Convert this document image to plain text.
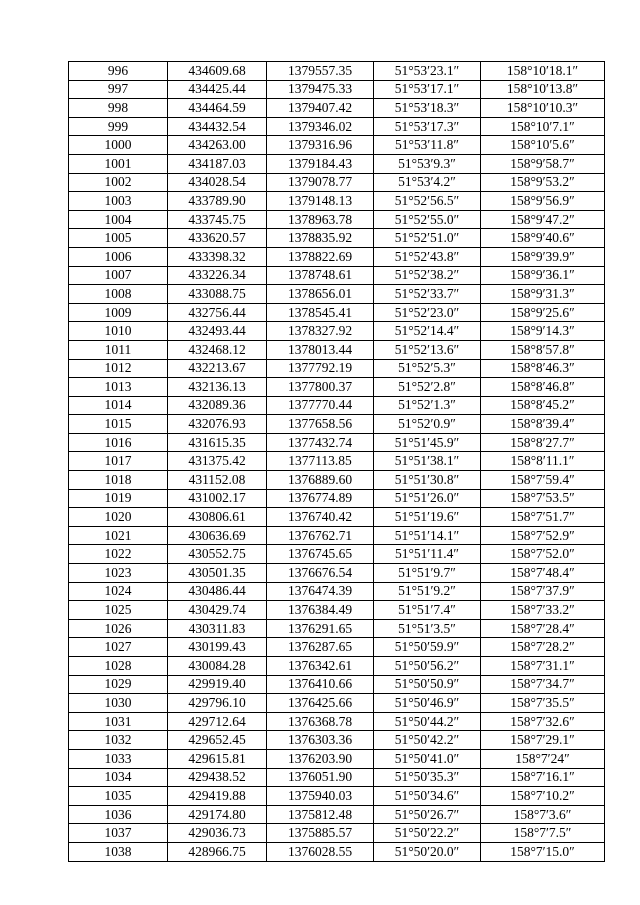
996	434609.68	1379557.35	51°53′23.1″	158°10′18.1″
997	434425.44	1379475.33	51°53′17.1″	158°10′13.8″
998	434464.59	1379407.42	51°53′18.3″	158°10′10.3″
999	434432.54	1379346.02	51°53′17.3″	158°10′7.1″
1000	434263.00	1379316.96	51°53′11.8″	158°10′5.6″
1001	434187.03	1379184.43	51°53′9.3″	158°9′58.7″
1002	434028.54	1379078.77	51°53′4.2″	158°9′53.2″
1003	433789.90	1379148.13	51°52′56.5″	158°9′56.9″
1004	433745.75	1378963.78	51°52′55.0″	158°9′47.2″
1005	433620.57	1378835.92	51°52′51.0″	158°9′40.6″
1006	433398.32	1378822.69	51°52′43.8″	158°9′39.9″
1007	433226.34	1378748.61	51°52′38.2″	158°9′36.1″
1008	433088.75	1378656.01	51°52′33.7″	158°9′31.3″
1009	432756.44	1378545.41	51°52′23.0″	158°9′25.6″
1010	432493.44	1378327.92	51°52′14.4″	158°9′14.3″
1011	432468.12	1378013.44	51°52′13.6″	158°8′57.8″
1012	432213.67	1377792.19	51°52′5.3″	158°8′46.3″
1013	432136.13	1377800.37	51°52′2.8″	158°8′46.8″
1014	432089.36	1377770.44	51°52′1.3″	158°8′45.2″
1015	432076.93	1377658.56	51°52′0.9″	158°8′39.4″
1016	431615.35	1377432.74	51°51′45.9″	158°8′27.7″
1017	431375.42	1377113.85	51°51′38.1″	158°8′11.1″
1018	431152.08	1376889.60	51°51′30.8″	158°7′59.4″
1019	431002.17	1376774.89	51°51′26.0″	158°7′53.5″
1020	430806.61	1376740.42	51°51′19.6″	158°7′51.7″
1021	430636.69	1376762.71	51°51′14.1″	158°7′52.9″
1022	430552.75	1376745.65	51°51′11.4″	158°7′52.0″
1023	430501.35	1376676.54	51°51′9.7″	158°7′48.4″
1024	430486.44	1376474.39	51°51′9.2″	158°7′37.9″
1025	430429.74	1376384.49	51°51′7.4″	158°7′33.2″
1026	430311.83	1376291.65	51°51′3.5″	158°7′28.4″
1027	430199.43	1376287.65	51°50′59.9″	158°7′28.2″
1028	430084.28	1376342.61	51°50′56.2″	158°7′31.1″
1029	429919.40	1376410.66	51°50′50.9″	158°7′34.7″
1030	429796.10	1376425.66	51°50′46.9″	158°7′35.5″
1031	429712.64	1376368.78	51°50′44.2″	158°7′32.6″
1032	429652.45	1376303.36	51°50′42.2″	158°7′29.1″
1033	429615.81	1376203.90	51°50′41.0″	158°7′24″
1034	429438.52	1376051.90	51°50′35.3″	158°7′16.1″
1035	429419.88	1375940.03	51°50′34.6″	158°7′10.2″
1036	429174.80	1375812.48	51°50′26.7″	158°7′3.6″
1037	429036.73	1375885.57	51°50′22.2″	158°7′7.5″
1038	428966.75	1376028.55	51°50′20.0″	158°7′15.0″
